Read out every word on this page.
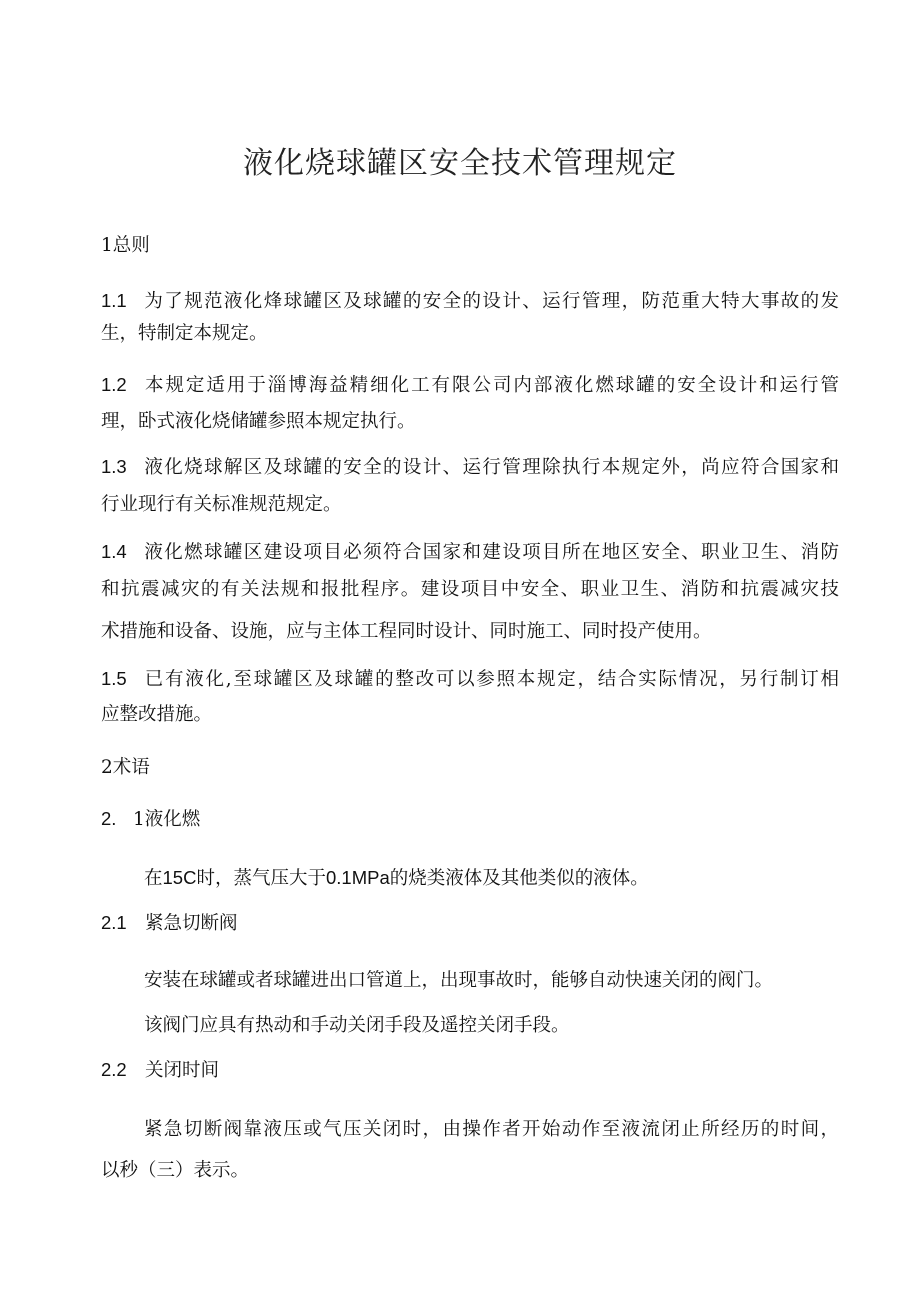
液化烧球罐区安全技术管理规定
1总则
1.1 为了规范液化烽球罐区及球罐的安全的设计、运行管理，防范重大特大事故的发
生，特制定本规定。
1.2 本规定适用于淄博海益精细化工有限公司内部液化燃球罐的安全设计和运行管
理，卧式液化烧储罐参照本规定执行。
1.3 液化烧球解区及球罐的安全的设计、运行管理除执行本规定外，尚应符合国家和
行业现行有关标准规范规定。
1.4 液化燃球罐区建设项目必须符合国家和建设项目所在地区安全、职业卫生、消防
和抗震减灾的有关法规和报批程序。建设项目中安全、职业卫生、消防和抗震减灾技
术措施和设备、设施，应与主体工程同时设计、同时施工、同时投产使用。
1.5 已有液化,至球罐区及球罐的整改可以参照本规定，结合实际情况，另行制订相
应整改措施。
2术语
2. 1液化燃
在15C时，蒸气压大于0.1MPa的烧类液体及其他类似的液体。
2.1 紧急切断阀
安装在球罐或者球罐进出口管道上，出现事故时，能够自动快速关闭的阀门。
该阀门应具有热动和手动关闭手段及遥控关闭手段。
2.2 关闭时间
紧急切断阀靠液压或气压关闭时，由操作者开始动作至液流闭止所经历的时间，
以秒（三）表示。
